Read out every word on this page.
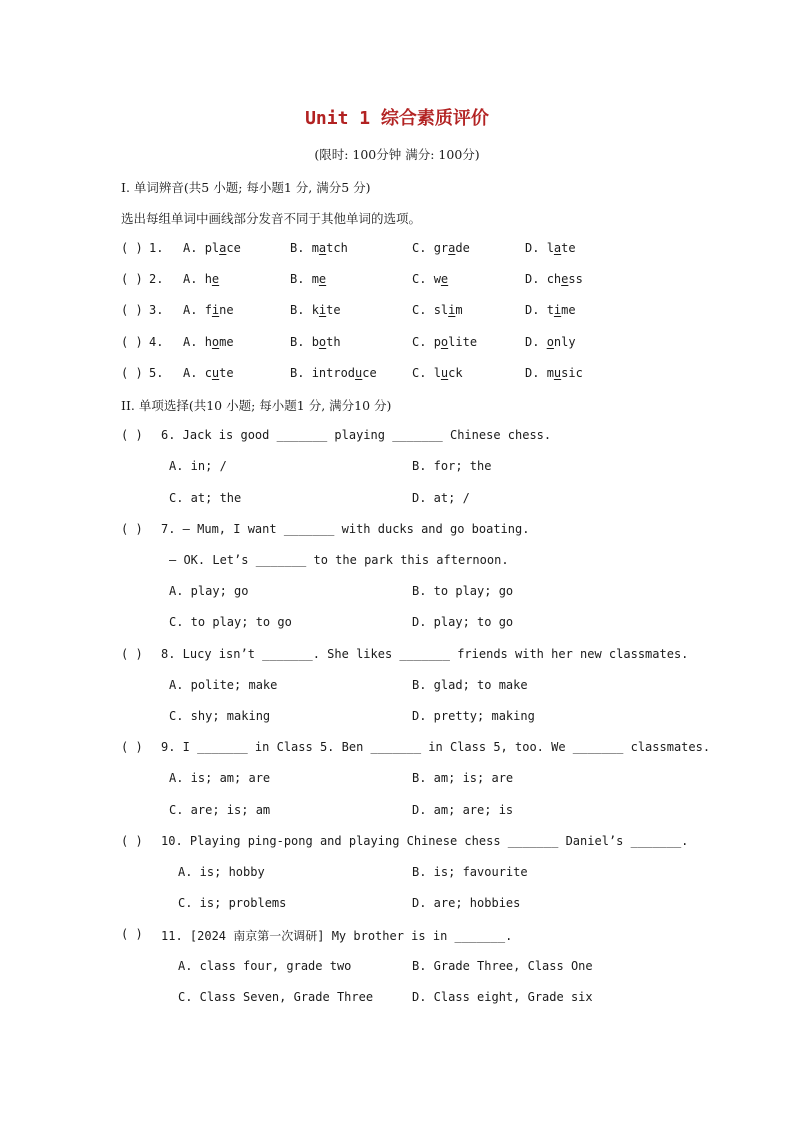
Unit 1 综合素质评价
(限时: 100分钟 满分: 100分)
I. 单词辨音(共5 小题; 每小题1 分, 满分5 分)
选出每组单词中画线部分发音不同于其他单词的选项。
( ) 1. A. place	B. match	C. grade	D. late
( ) 2. A. he	B. me	C. we	D. chess
( ) 3. A. fine	B. kite	C. slim	D. time
( ) 4. A. home	B. both	C. polite	D. only
( ) 5. A. cute	B. introduce	C. luck	D. music
II. 单项选择(共10 小题; 每小题1 分, 满分10 分)
( ) 6. Jack is good _______ playing _______ Chinese chess.
A. in; /	B. for; the
C. at; the	D. at; /
( ) 7. — Mum, I want _______ with ducks and go boating.
— OK. Let’s _______ to the park this afternoon.
A. play; go	B. to play; go
C. to play; to go	D. play; to go
( ) 8. Lucy isn’t _______. She likes _______ friends with her new classmates.
A. polite; make	B. glad; to make
C. shy; making	D. pretty; making
( ) 9. I _______ in Class 5. Ben _______ in Class 5, too. We _______ classmates.
A. is; am; are	B. am; is; are
C. are; is; am	D. am; are; is
( ) 10. Playing ping-pong and playing Chinese chess _______ Daniel’s _______.
A. is; hobby	B. is; favourite
C. is; problems	D. are; hobbies
( ) 11. [2024 南京第一次调研] My brother is in _______.
A. class four, grade two	B. Grade Three, Class One
C. Class Seven, Grade Three	D. Class eight, Grade six
